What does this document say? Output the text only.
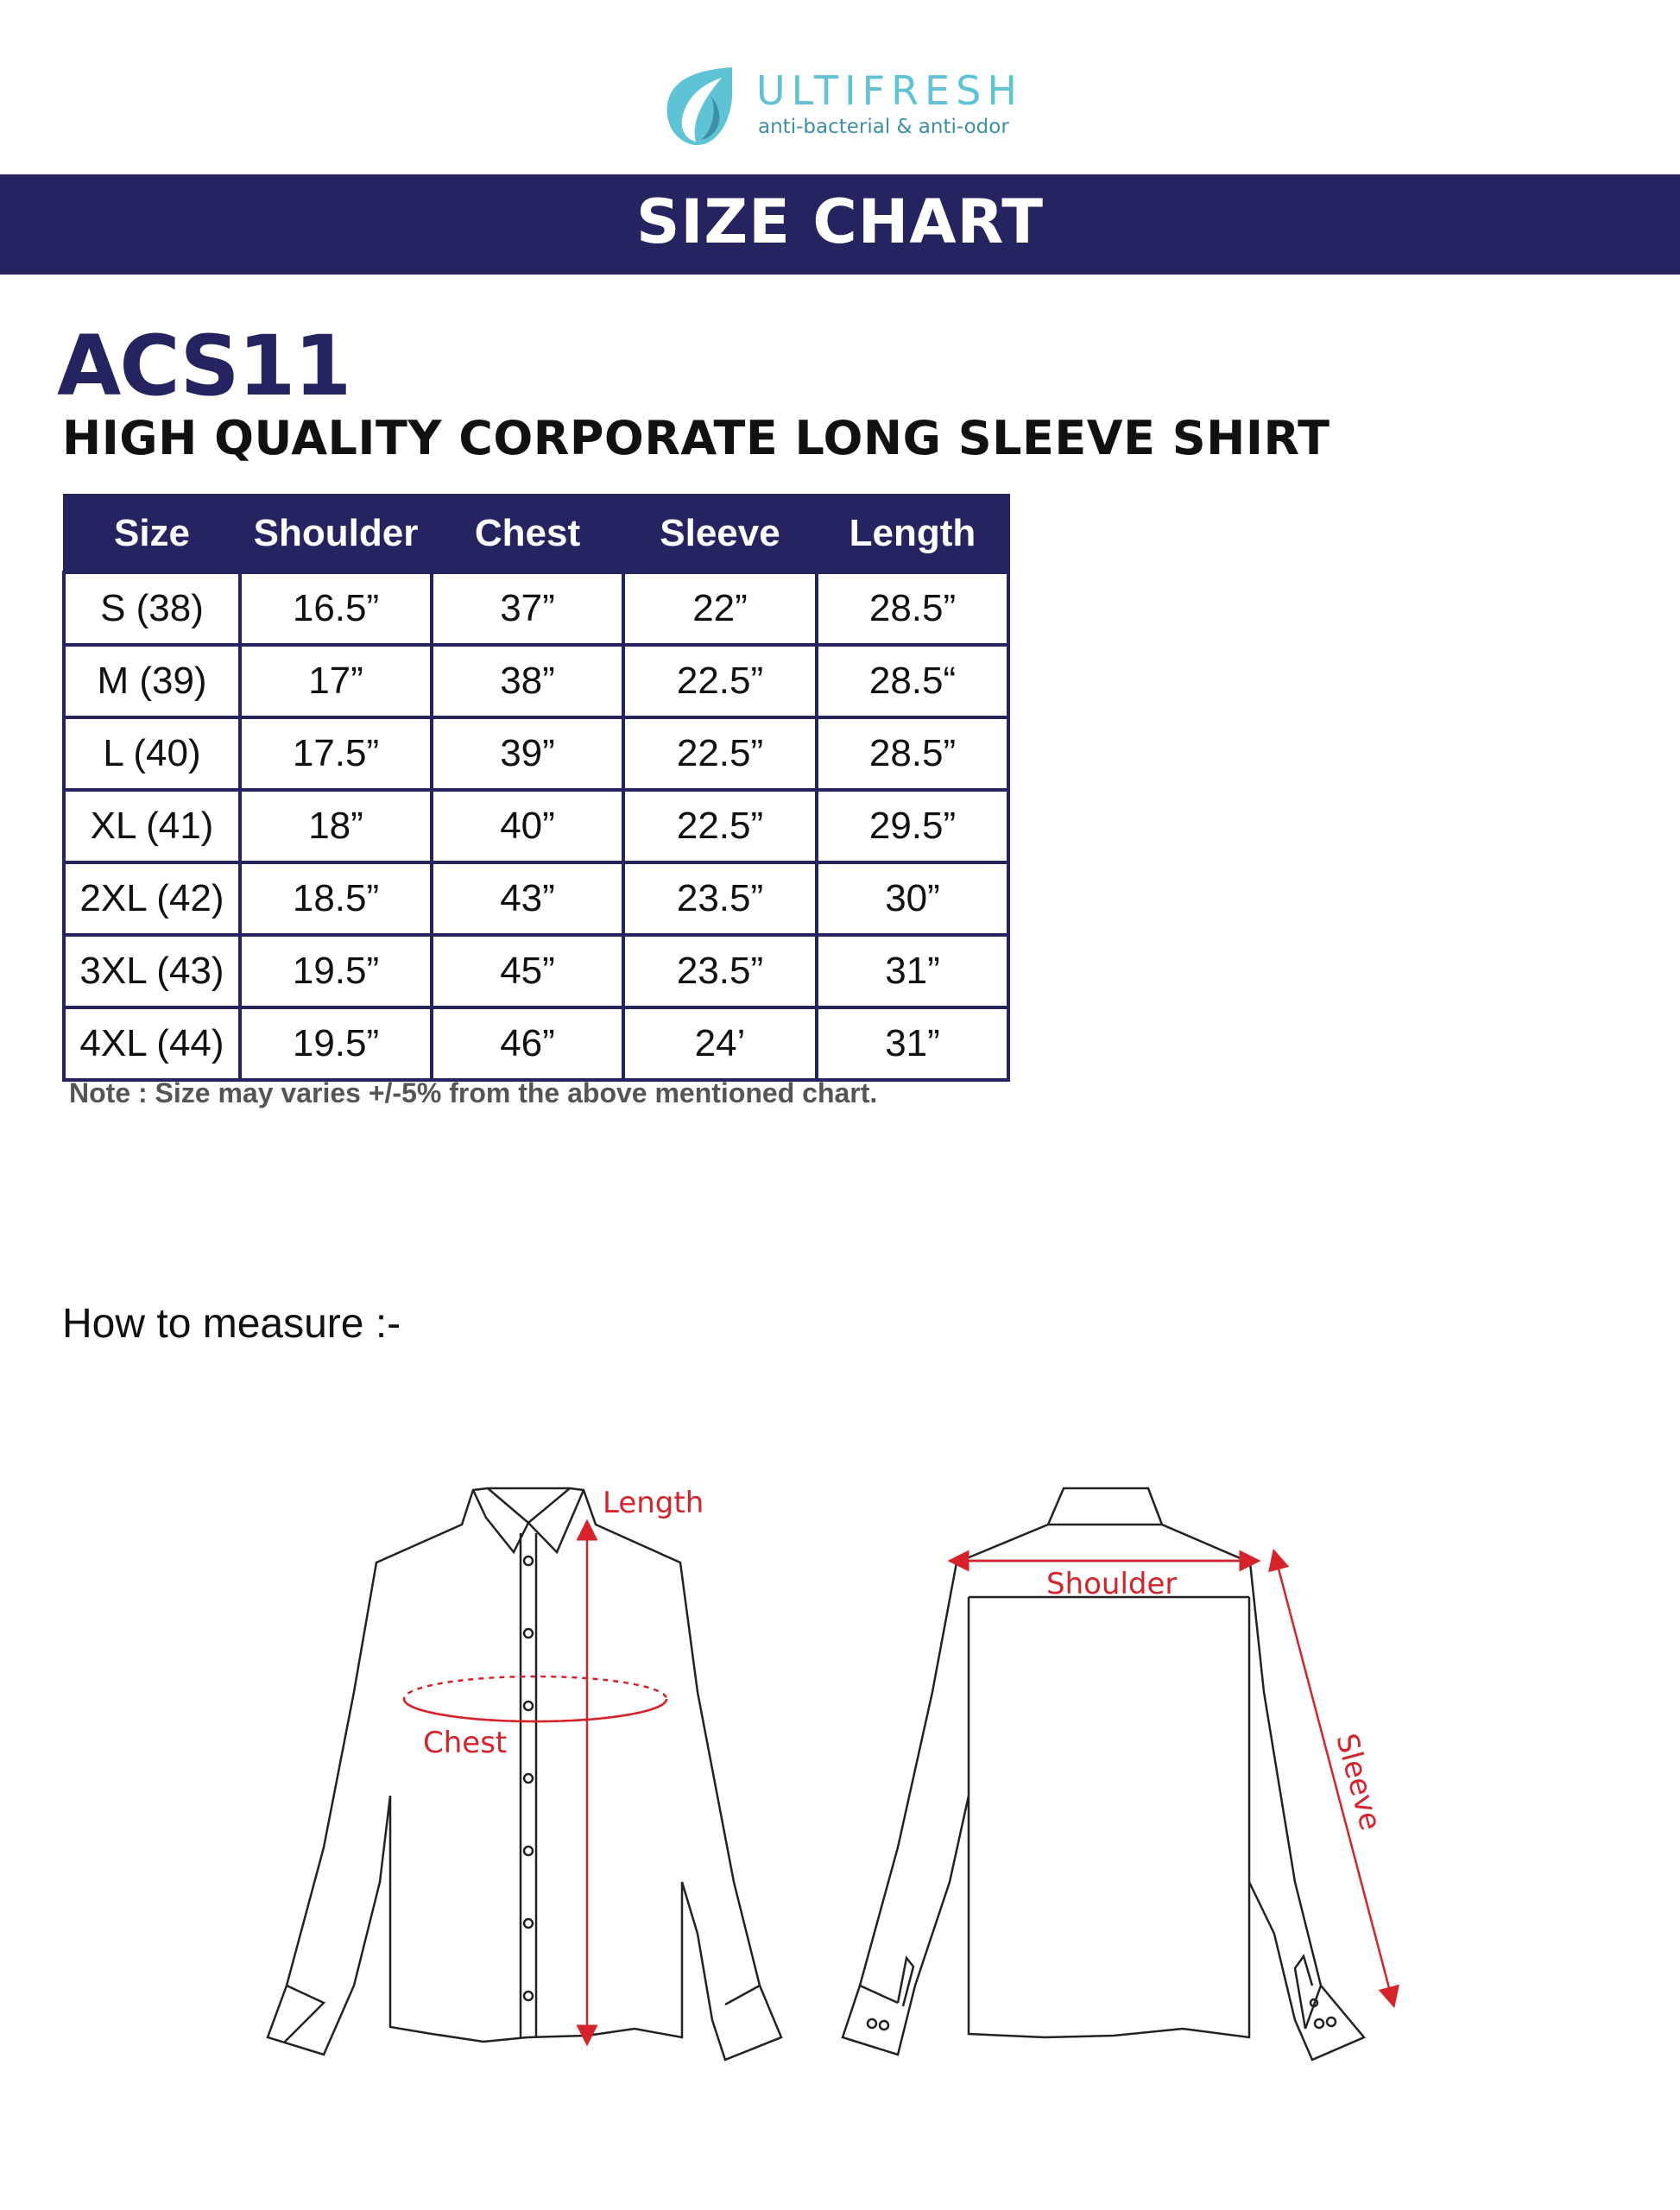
ULTIFRESH
anti-bacterial & anti-odor
SIZE CHART
ACS11
HIGH QUALITY CORPORATE LONG SLEEVE SHIRT
Size	Shoulder	Chest	Sleeve	Length
S (38)	16.5”	37”	22”	28.5”
M (39)	17”	38”	22.5”	28.5“
L (40)	17.5”	39”	22.5”	28.5”
XL (41)	18”	40”	22.5”	29.5”
2XL (42)	18.5”	43”	23.5”	30”
3XL (43)	19.5”	45”	23.5”	31”
4XL (44)	19.5”	46”	24’	31”
Note : Size may varies +/-5% from the above mentioned chart.
How to measure :-
Chest
Length
Shoulder
Sleeve
